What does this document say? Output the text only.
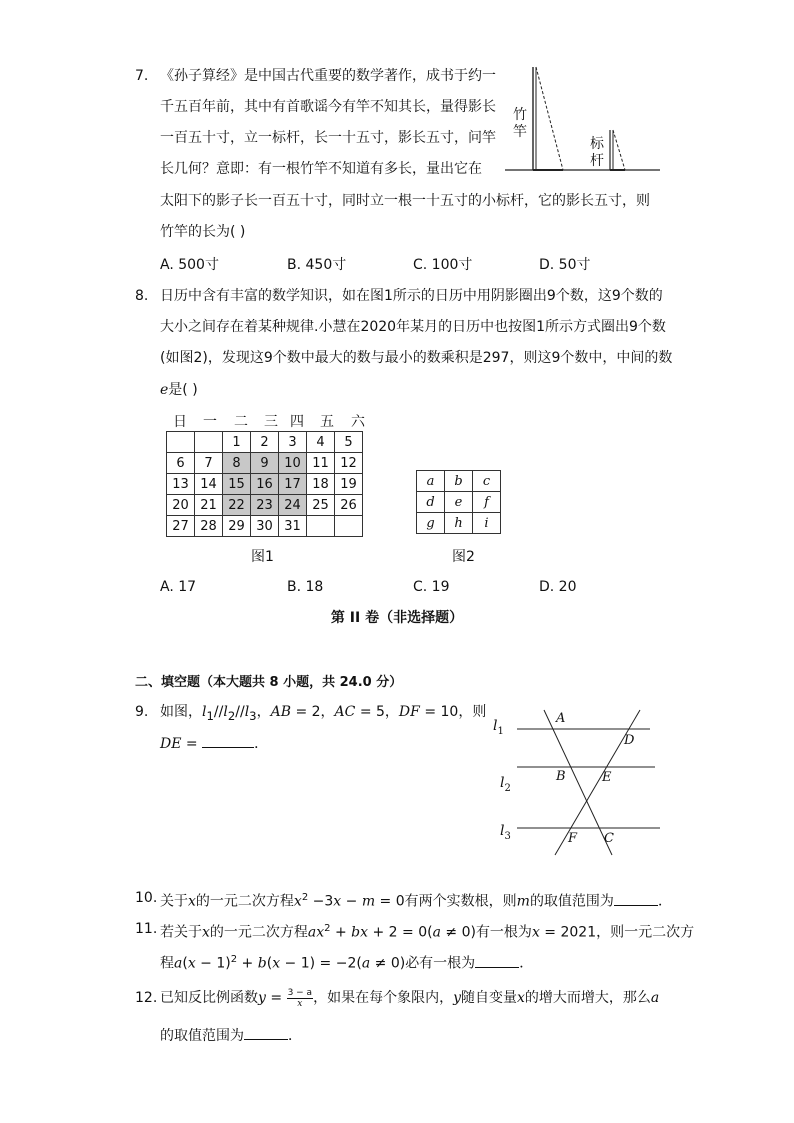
7. 《孙子算经》是中国古代重要的数学著作，成书于约一
千五百年前，其中有首歌谣今有竿不知其长，量得影长
一百五十寸，立一标杆，长一十五寸，影长五寸，问竿
长几何？意即：有一根竹竿不知道有多长，量出它在
太阳下的影子长一百五十寸，同时立一根一十五寸的小标杆，它的影长五寸，则
竹竿的长为( )
竹
竿
标
杆
A. 500寸	B. 450寸	C. 100寸	D. 50寸
8. 日历中含有丰富的数学知识，如在图1所示的日历中用阴影圈出9个数，这9个数的
大小之间存在着某种规律.小慧在2020年某月的日历中也按图1所示方式圈出9个数
(如图2)，发现这9个数中最大的数与最小的数乘积是297，则这9个数中，中间的数
e是( )
日	一	二	三 四	五	六
		1	2	3	4	5
6	7	8	9	10	11	12
13	14	15	16	17	18	19
20	21	22	23	24	25	26
27	28	29	30	31		
图1
a	b	c
d	e	f
g	h	i
图2
A. 17	B. 18	C. 19	D. 20
第 II 卷（非选择题）
二、填空题（本大题共 8 小题，共 24.0 分）
9. 如图，$l_1//l_2//l_3$，AB = 2，AC = 5，DF = 10，则
DE =	．
$l_1$
$l_2$
$l_3$
A
D
B	E
F C
10. 关于x的一元二次方程$x^2 -3x - m = 0$有两个实数根，则m的取值范围为	．
11. 若关于x的一元二次方程$ax^2$ + bx + 2 = 0(a ≠ 0)有一根为x = 2021，则一元二次方
程$a(x - 1)^2 + b(x - 1) = -2(a \ne 0)$必有一根为	．
12. 已知反比例函数$y = \frac{3 - a}{x}$ ，如果在每个象限内，y随自变量x的增大而增大，那么a
的取值范围为	．
